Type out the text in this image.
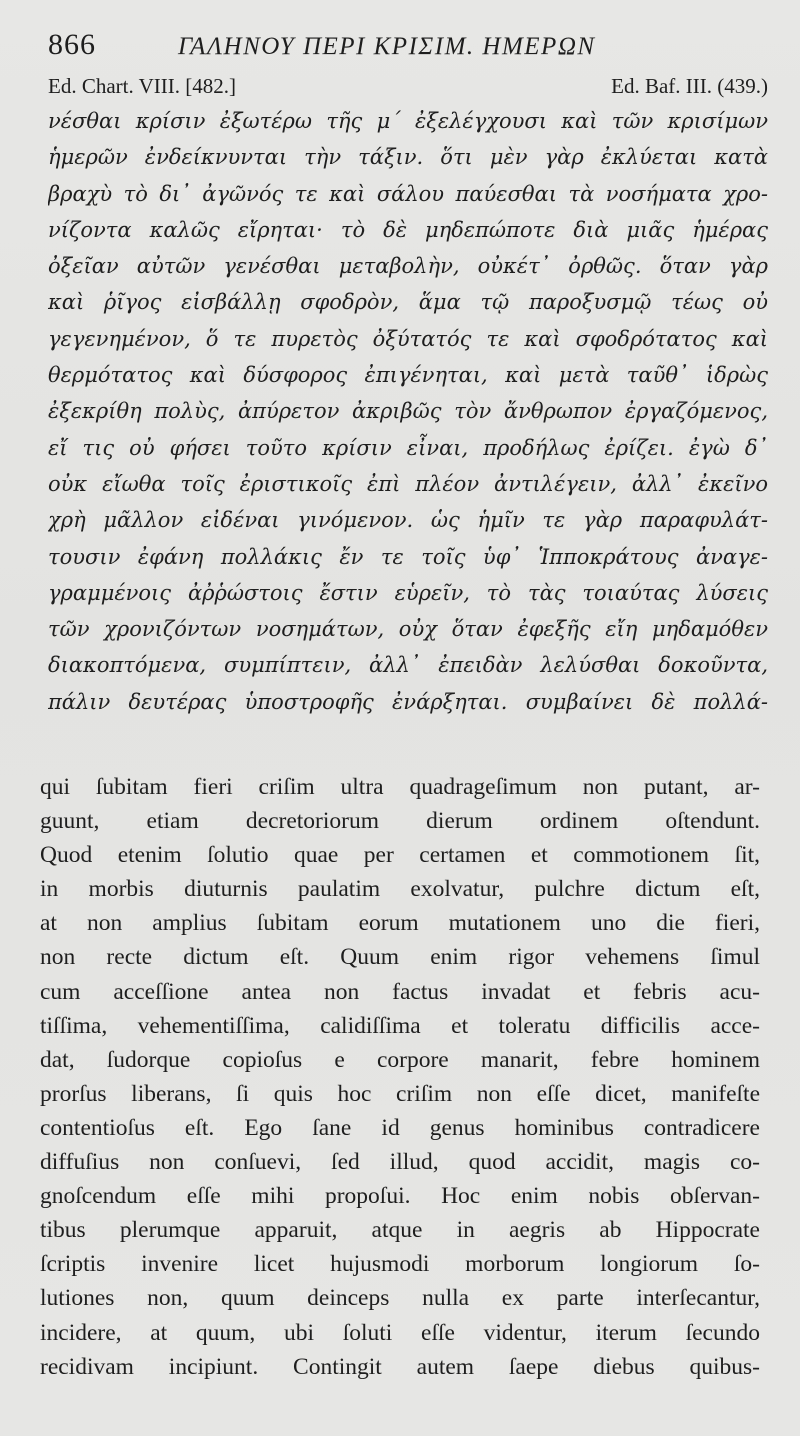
866	ΓΑΛΗΝΟΥ ΠΕΡΙ ΚΡΙΣΙΜ. ΗΜΕΡΩΝ
Ed. Chart. VIII. [482.]	Ed. Baf. III. (439.)
νέσθαι κρίσιν ἐξωτέρω τῆς μ´ ἐξελέγχουσι καὶ τῶν κρισίμων
ἡμερῶν ἐνδείκνυνται τὴν τάξιν. ὅτι μὲν γὰρ ἐκλύεται κατὰ
βραχὺ τὸ δι᾿ ἀγῶνός τε καὶ σάλου παύεσθαι τὰ νοσήματα χρο-
νίζοντα καλῶς εἴρηται· τὸ δὲ μηδεπώποτε διὰ μιᾶς ἡμέρας
ὀξεῖαν αὐτῶν γενέσθαι μεταβολὴν, οὐκέτ᾿ ὀρθῶς. ὅταν γὰρ
καὶ ῥῖγος εἰσβάλλῃ σφοδρὸν, ἅμα τῷ παροξυσμῷ τέως οὐ
γεγενημένον, ὅ τε πυρετὸς ὀξύτατός τε καὶ σφοδρότατος καὶ
θερμότατος καὶ δύσφορος ἐπιγένηται, καὶ μετὰ ταῦθ᾿ ἱδρὼς
ἐξεκρίθη πολὺς, ἀπύρετον ἀκριβῶς τὸν ἄνθρωπον ἐργαζόμενος,
εἴ τις οὐ φήσει τοῦτο κρίσιν εἶναι, προδήλως ἐρίζει. ἐγὼ δ᾿
οὐκ εἴωθα τοῖς ἐριστικοῖς ἐπὶ πλέον ἀντιλέγειν, ἀλλ᾿ ἐκεῖνο
χρὴ μᾶλλον εἰδέναι γινόμενον. ὡς ἡμῖν τε γὰρ παραφυλάτ-
τουσιν ἐφάνη πολλάκις ἔν τε τοῖς ὑφ᾿ Ἱπποκράτους ἀναγε-
γραμμένοις ἀῤῥώστοις ἔστιν εὑρεῖν, τὸ τὰς τοιαύτας λύσεις
τῶν χρονιζόντων νοσημάτων, οὐχ ὅταν ἐφεξῆς εἴη μηδαμόθεν
διακοπτόμενα, συμπίπτειν, ἀλλ᾿ ἐπειδὰν λελύσθαι δοκοῦντα,
πάλιν δευτέρας ὑποστροφῆς ἐνάρξηται. συμβαίνει δὲ πολλά-
qui ſubitam fieri criſim ultra quadrageſimum non putant, ar-
guunt, etiam decretoriorum dierum ordinem oſtendunt.
Quod etenim ſolutio quae per certamen et commotionem ſit,
in morbis diuturnis paulatim exolvatur, pulchre dictum eſt,
at non amplius ſubitam eorum mutationem uno die fieri,
non recte dictum eſt. Quum enim rigor vehemens ſimul
cum acceſſione antea non factus invadat et febris acu-
tiſſima, vehementiſſima, calidiſſima et toleratu difficilis acce-
dat, ſudorque copioſus e corpore manarit, febre hominem
prorſus liberans, ſi quis hoc criſim non eſſe dicet, manifeſte
contentioſus eſt. Ego ſane id genus hominibus contradicere
diffuſius non conſuevi, ſed illud, quod accidit, magis co-
gnoſcendum eſſe mihi propoſui. Hoc enim nobis obſervan-
tibus plerumque apparuit, atque in aegris ab Hippocrate
ſcriptis invenire licet hujusmodi morborum longiorum ſo-
lutiones non, quum deinceps nulla ex parte interſecantur,
incidere, at quum, ubi ſoluti eſſe videntur, iterum ſecundo
recidivam incipiunt. Contingit autem ſaepe diebus quibus-
